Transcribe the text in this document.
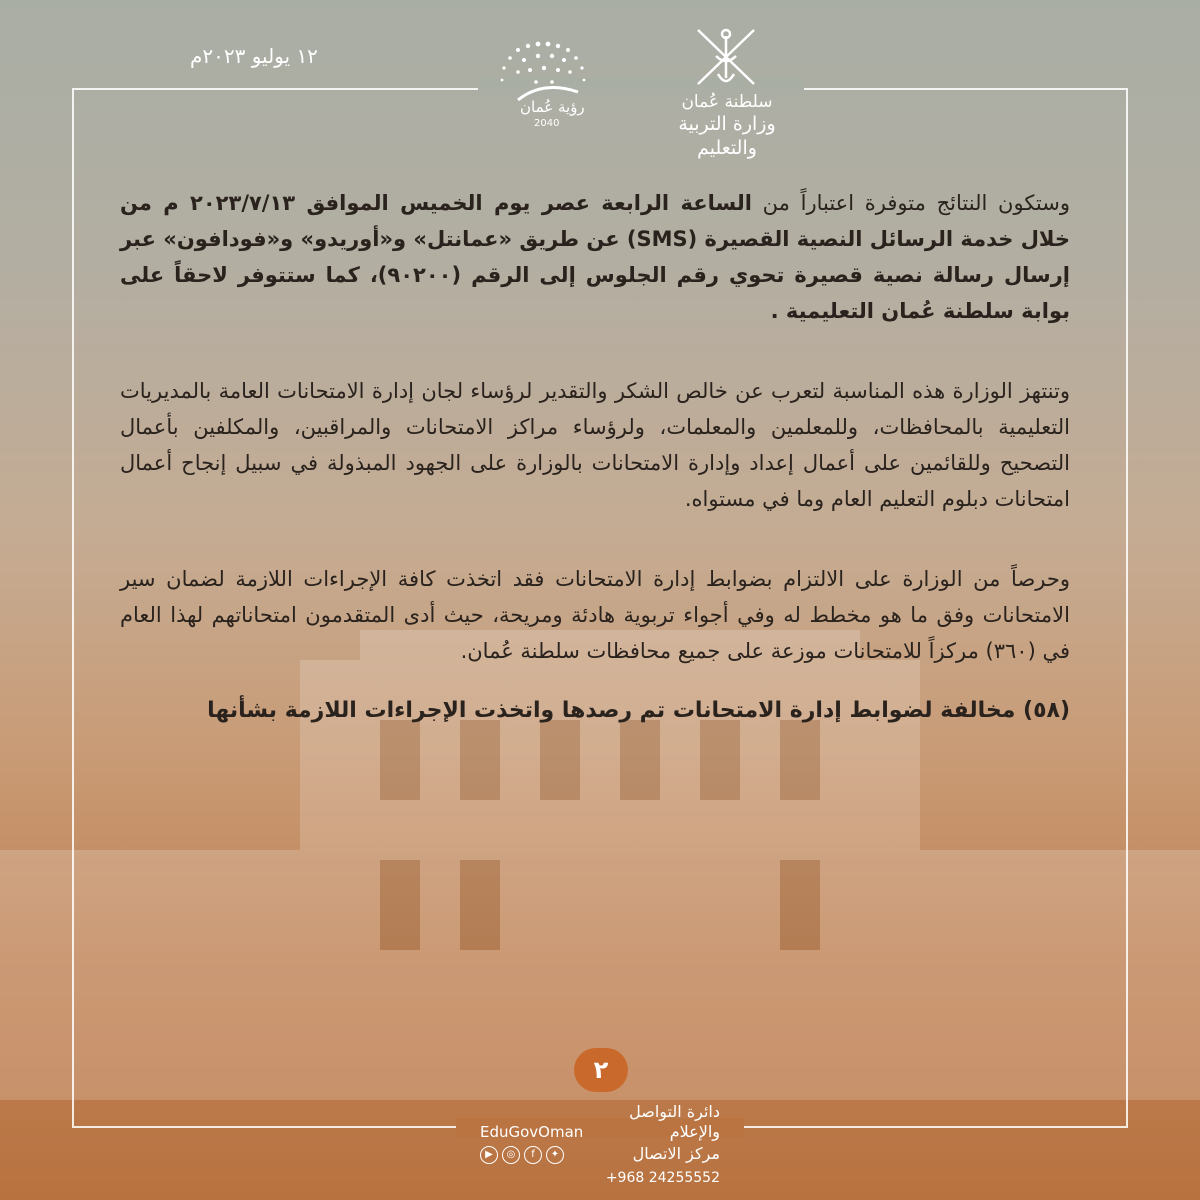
١٢ يوليو ٢٠٢٣م
رؤية عُمان
2040
سلطنة عُمان
وزارة التربية والتعليم

وستكون النتائج متوفرة اعتباراً من الساعة الرابعة عصر يوم الخميس الموافق ٢٠٢٣/٧/١٣ م من خلال خدمة الرسائل النصية القصيرة (SMS) عن طريق «عمانتل» و«أوريدو» و«فودافون» عبر إرسال رسالة نصية قصيرة تحوي رقم الجلوس إلى الرقم (٩٠٢٠٠)، كما ستتوفر لاحقاً على بوابة سلطنة عُمان التعليمية .

وتنتهز الوزارة هذه المناسبة لتعرب عن خالص الشكر والتقدير لرؤساء لجان إدارة الامتحانات العامة بالمديريات التعليمية بالمحافظات، وللمعلمين والمعلمات، ولرؤساء مراكز الامتحانات والمراقبين، والمكلفين بأعمال التصحيح وللقائمين على أعمال إعداد وإدارة الامتحانات بالوزارة على الجهود المبذولة في سبيل إنجاح أعمال امتحانات دبلوم التعليم العام وما في مستواه.

وحرصاً من الوزارة على الالتزام بضوابط إدارة الامتحانات فقد اتخذت كافة الإجراءات اللازمة لضمان سير الامتحانات وفق ما هو مخطط له وفي أجواء تربوية هادئة ومريحة، حيث أدى المتقدمون امتحاناتهم لهذا العام في (٣٦٠) مركزاً للامتحانات موزعة على جميع محافظات سلطنة عُمان.

(٥٨) مخالفة لضوابط إدارة الامتحانات تم رصدها واتخذت الإجراءات اللازمة بشأنها

٢
دائرة التواصل والإعلام
مركز الاتصال
+968 24255552
EduGovOman
▶	◎	f	✦
